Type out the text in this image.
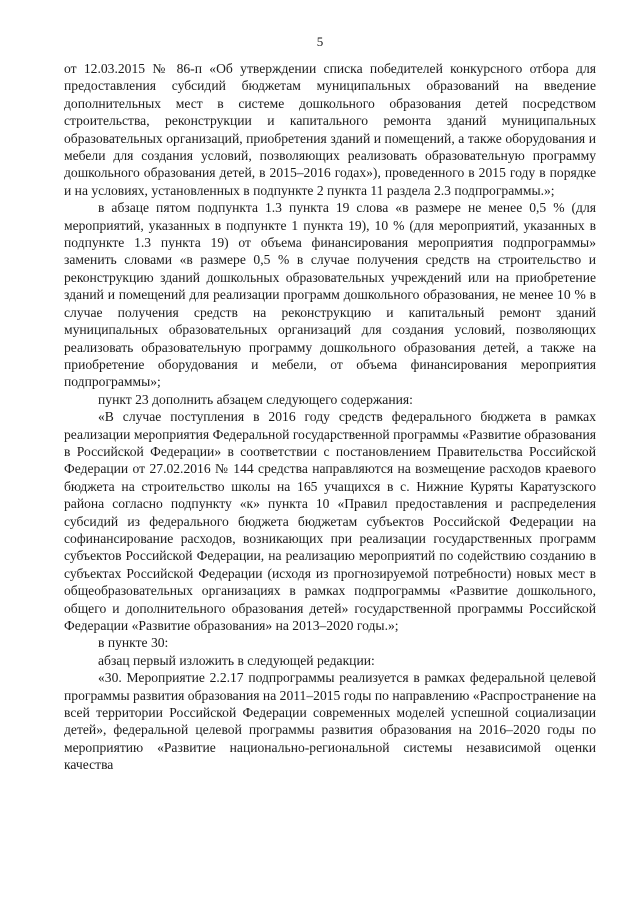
5

от 12.03.2015 № 86-п «Об утверждении списка победителей конкурсного отбора для предоставления субсидий бюджетам муниципальных образований на введение дополнительных мест в системе дошкольного образования детей посредством строительства, реконструкции и капитального ремонта зданий муниципальных образовательных организаций, приобретения зданий и помещений, а также оборудования и мебели для создания условий, позволяющих реализовать образовательную программу дошкольного образования детей, в 2015–2016 годах»), проведенного в 2015 году в порядке и на условиях, установленных в подпункте 2 пункта 11 раздела 2.3 подпрограммы.»;

в абзаце пятом подпункта 1.3 пункта 19 слова «в размере не менее 0,5 % (для мероприятий, указанных в подпункте 1 пункта 19), 10 % (для мероприятий, указанных в подпункте 1.3 пункта 19) от объема финансирования мероприятия подпрограммы» заменить словами «в размере 0,5 % в случае получения средств на строительство и реконструкцию зданий дошкольных образовательных учреждений или на приобретение зданий и помещений для реализации программ дошкольного образования, не менее 10 % в случае получения средств на реконструкцию и капитальный ремонт зданий муниципальных образовательных организаций для создания условий, позволяющих реализовать образовательную программу дошкольного образования детей, а также на приобретение оборудования и мебели, от объема финансирования мероприятия подпрограммы»;

пункт 23 дополнить абзацем следующего содержания:

«В случае поступления в 2016 году средств федерального бюджета в рамках реализации мероприятия Федеральной государственной программы «Развитие образования в Российской Федерации» в соответствии с постановлением Правительства Российской Федерации от 27.02.2016 № 144 средства направляются на возмещение расходов краевого бюджета на строительство школы на 165 учащихся в с. Нижние Куряты Каратузского района согласно подпункту «к» пункта 10 «Правил предоставления и распределения субсидий из федерального бюджета бюджетам субъектов Российской Федерации на софинансирование расходов, возникающих при реализации государственных программ субъектов Российской Федерации, на реализацию мероприятий по содействию созданию в субъектах Российской Федерации (исходя из прогнозируемой потребности) новых мест в общеобразовательных организациях в рамках подпрограммы «Развитие дошкольного, общего и дополнительного образования детей» государственной программы Российской Федерации «Развитие образования» на 2013–2020 годы.»;

в пункте 30:

абзац первый изложить в следующей редакции:

«30. Мероприятие 2.2.17 подпрограммы реализуется в рамках федеральной целевой программы развития образования на 2011–2015 годы по направлению «Распространение на всей территории Российской Федерации современных моделей успешной социализации детей», федеральной целевой программы развития образования на 2016–2020 годы по мероприятию «Развитие национально-региональной системы независимой оценки качества
